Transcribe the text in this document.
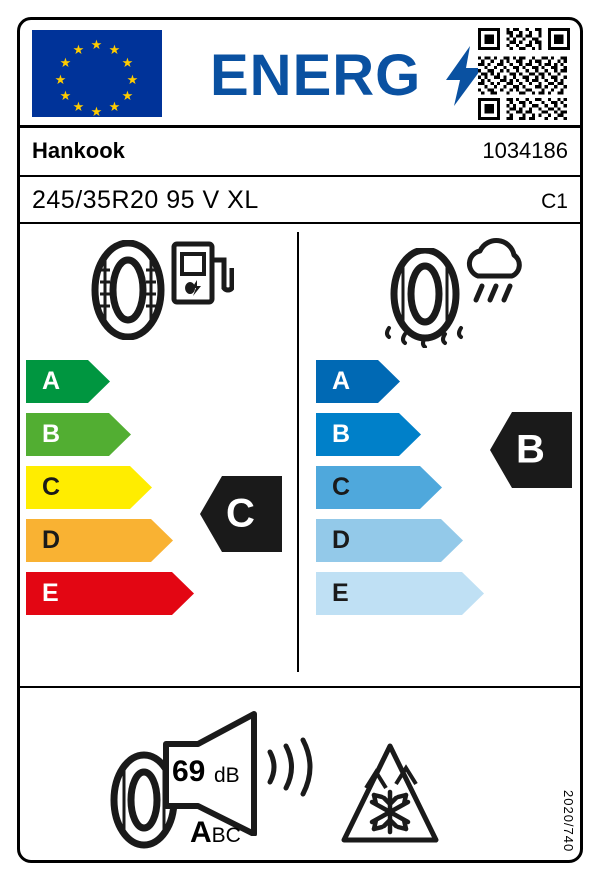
★
★ ★
★	★
★	★
★	★
★ ★
★
ENERG
Hankook	1034186
245/35R20 95 V XL	C1
A
B
C
D
E
C
A
B
C
D
E
B
69 dB
ABC	2020/740
